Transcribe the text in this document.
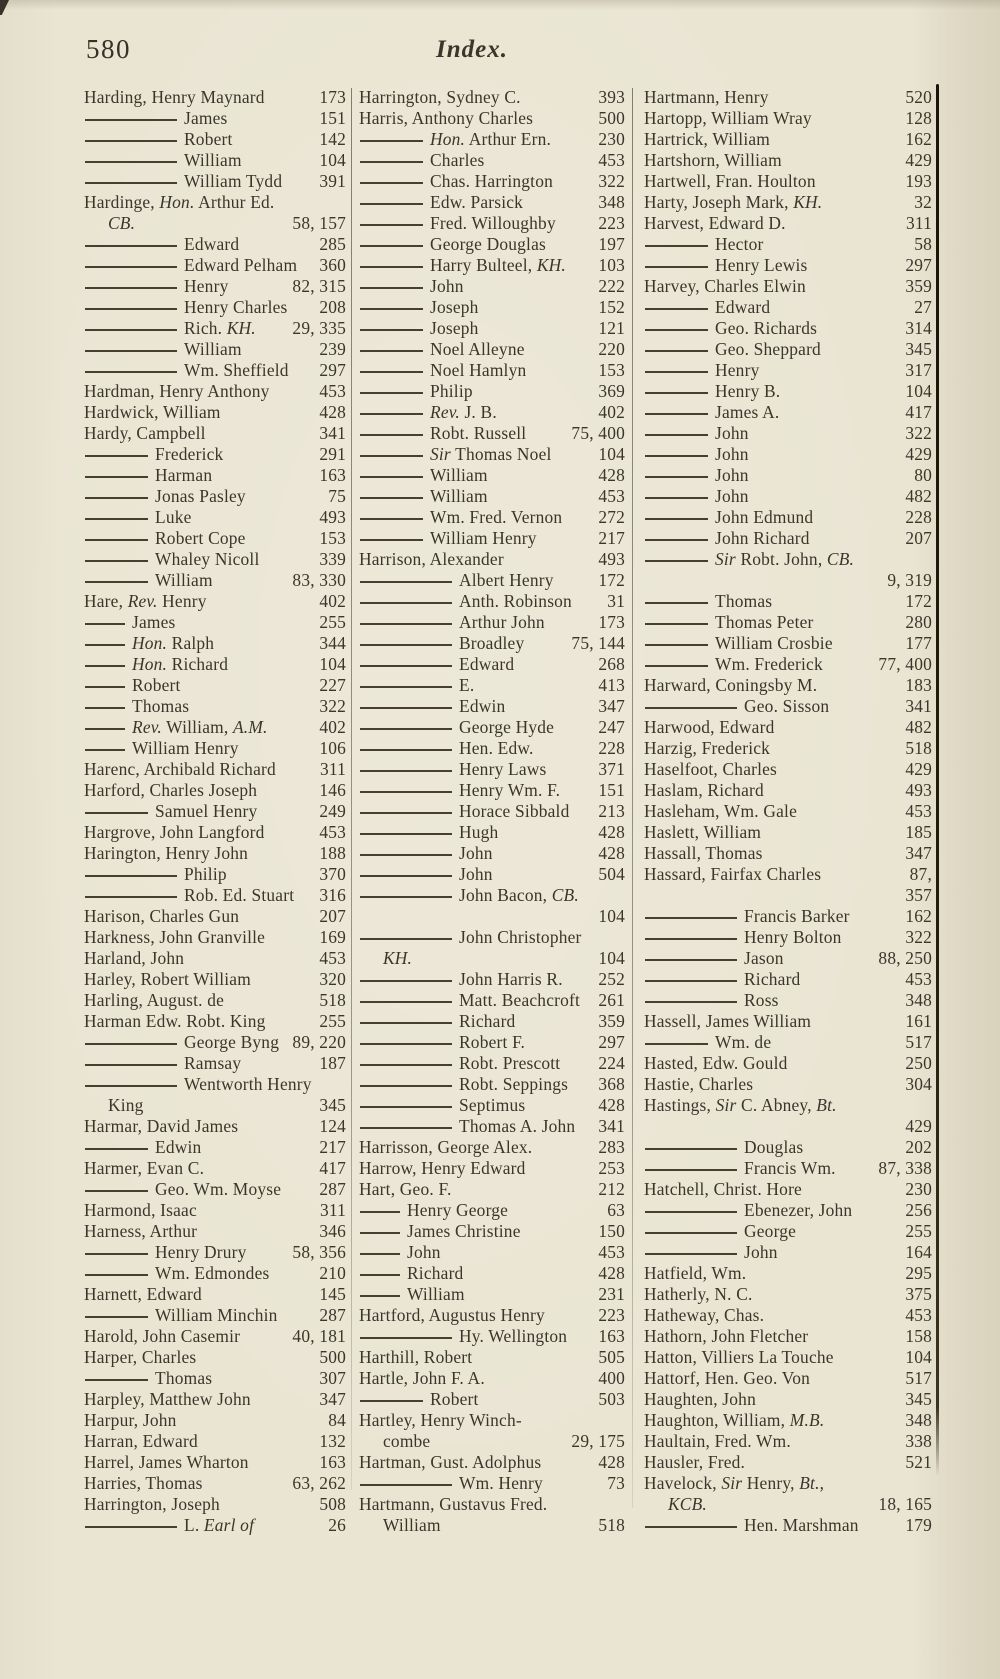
580	Index.
Harding, Henry Maynard	173
James	151
Robert	142
William	104
William Tydd 391
Hardinge, Hon. Arthur Ed.
CB.	58, 157
Edward	285
Edward Pelham 360
Henry	82, 315
Henry Charles 208
Rich. KH. 29, 335
William	239
Wm. Sheffield 297
Hardman, Henry Anthony	453
Hardwick, William	428
Hardy, Campbell	341
Frederick	291
Harman	163
Jonas Pasley	75
Luke	493
Robert Cope	153
Whaley Nicoll	339
William	83, 330
Hare, Rev. Henry	402
James	255
Hon. Ralph	344
Hon. Richard	104
Robert	227
Thomas	322
Rev. William, A.M.	402
William Henry	106
Harenc, Archibald Richard	311
Harford, Charles Joseph	146
Samuel Henry	249
Hargrove, John Langford	453
Harington, Henry John	188
Philip	370
Rob. Ed. Stuart 316
Harison, Charles Gun	207
Harkness, John Granville	169
Harland, John	453
Harley, Robert William	320
Harling, August. de	518
Harman Edw. Robt. King	255
George Byng 89, 220
Ramsay	187
Wentworth Henry
King	345
Harmar, David James	124
Edwin	217
Harmer, Evan C.	417
Geo. Wm. Moyse 287
Harmond, Isaac	311
Harness, Arthur	346
Henry Drury	58, 356
Wm. Edmondes	210
Harnett, Edward	145
William Minchin 287
Harold, John Casemir	40, 181
Harper, Charles	500
Thomas	307
Harpley, Matthew John	347
Harpur, John	84
Harran, Edward	132
Harrel, James Wharton	163
Harries, Thomas	63, 262
Harrington, Joseph	508
L. Earl of	26
Harrington, Sydney C.	393
Harris, Anthony Charles	500
Hon. Arthur Ern.	230
Charles	453
Chas. Harrington	322
Edw. Parsick	348
Fred. Willoughby 223
George Douglas	197
Harry Bulteel, KH. 103
John	222
Joseph	152
Joseph	121
Noel Alleyne	220
Noel Hamlyn	153
Philip	369
Rev. J. B.	402
Robt. Russell	75, 400
Sir Thomas Noel	104
William	428
William	453
Wm. Fred. Vernon 272
William Henry	217
Harrison, Alexander	493
Albert Henry	172
Anth. Robinson 31
Arthur John	173
Broadley	75, 144
Edward	268
E.	413
Edwin	347
George Hyde	247
Hen. Edw.	228
Henry Laws	371
Henry Wm. F. 151
Horace Sibbald 213
Hugh	428
John	428
John	504
John Bacon, CB.
104
John Christopher
KH.	104
John Harris R. 252
Matt. Beachcroft 261
Richard	359
Robert F.	297
Robt. Prescott 224
Robt. Seppings 368
Septimus	428
Thomas A. John 341
Harrisson, George Alex.	283
Harrow, Henry Edward	253
Hart, Geo. F.	212
Henry George	63
James Christine	150
John	453
Richard	428
William	231
Hartford, Augustus Henry	223
Hy. Wellington 163
Harthill, Robert	505
Hartle, John F. A.	400
Robert	503
Hartley, Henry Winch-
combe	29, 175
Hartman, Gust. Adolphus	428
Wm. Henry	73
Hartmann, Gustavus Fred.
William	518
Hartmann, Henry	520
Hartopp, William Wray	128
Hartrick, William	162
Hartshorn, William	429
Hartwell, Fran. Houlton	193
Harty, Joseph Mark, KH.	32
Harvest, Edward D.	311
Hector	58
Henry Lewis	297
Harvey, Charles Elwin	359
Edward	27
Geo. Richards	314
Geo. Sheppard	345
Henry	317
Henry B.	104
James A.	417
John	322
John	429
John	80
John	482
John Edmund	228
John Richard	207
Sir Robt. John, CB.
9, 319
Thomas	172
Thomas Peter	280
William Crosbie	177
Wm. Frederick	77, 400
Harward, Coningsby M.	183
Geo. Sisson	341
Harwood, Edward	482
Harzig, Frederick	518
Haselfoot, Charles	429
Haslam, Richard	493
Hasleham, Wm. Gale	453
Haslett, William	185
Hassall, Thomas	347
Hassard, Fairfax Charles	87,
357
Francis Barker	162
Henry Bolton	322
Jason	88, 250
Richard	453
Ross	348
Hassell, James William	161
Wm. de	517
Hasted, Edw. Gould	250
Hastie, Charles	304
Hastings, Sir C. Abney, Bt.
429
Douglas	202
Francis Wm. 87, 338
Hatchell, Christ. Hore	230
Ebenezer, John	256
George	255
John	164
Hatfield, Wm.	295
Hatherly, N. C.	375
Hatheway, Chas.	453
Hathorn, John Fletcher	158
Hatton, Villiers La Touche	104
Hattorf, Hen. Geo. Von	517
Haughten, John	345
Haughton, William, M.B.	348
Haultain, Fred. Wm.	338
Hausler, Fred.	521
Havelock, Sir Henry, Bt.,
KCB.	18, 165
Hen. Marshman	179
